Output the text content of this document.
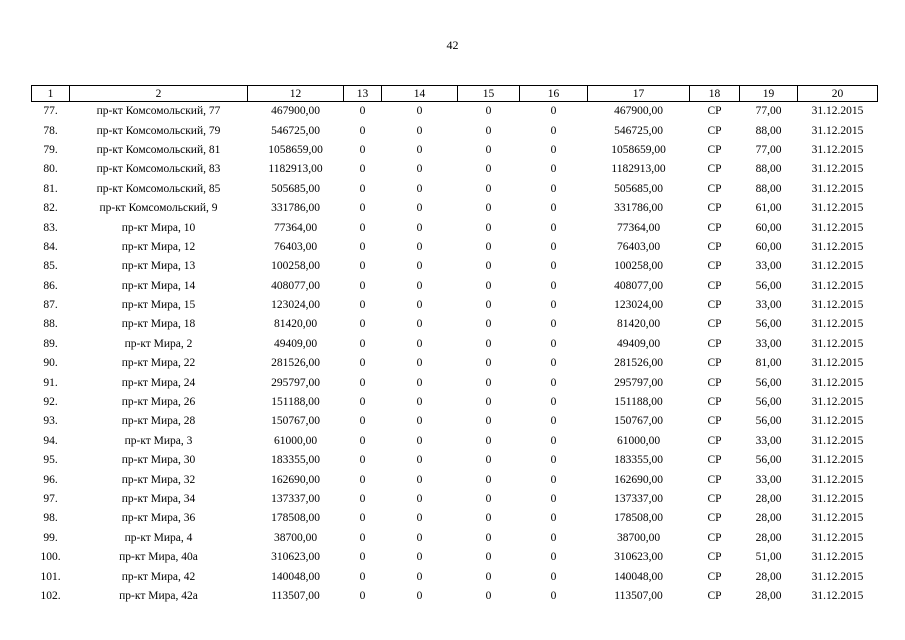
42
1	2	12	13	14	15	16	17	18	19	20
77.	пр-кт Комсомольский, 77	467900,00	0	0	0	0	467900,00	СР	77,00	31.12.2015
78.	пр-кт Комсомольский, 79	546725,00	0	0	0	0	546725,00	СР	88,00	31.12.2015
79.	пр-кт Комсомольский, 81	1058659,00	0	0	0	0	1058659,00	СР	77,00	31.12.2015
80.	пр-кт Комсомольский, 83	1182913,00	0	0	0	0	1182913,00	СР	88,00	31.12.2015
81.	пр-кт Комсомольский, 85	505685,00	0	0	0	0	505685,00	СР	88,00	31.12.2015
82.	пр-кт Комсомольский, 9	331786,00	0	0	0	0	331786,00	СР	61,00	31.12.2015
83.	пр-кт Мира, 10	77364,00	0	0	0	0	77364,00	СР	60,00	31.12.2015
84.	пр-кт Мира, 12	76403,00	0	0	0	0	76403,00	СР	60,00	31.12.2015
85.	пр-кт Мира, 13	100258,00	0	0	0	0	100258,00	СР	33,00	31.12.2015
86.	пр-кт Мира, 14	408077,00	0	0	0	0	408077,00	СР	56,00	31.12.2015
87.	пр-кт Мира, 15	123024,00	0	0	0	0	123024,00	СР	33,00	31.12.2015
88.	пр-кт Мира, 18	81420,00	0	0	0	0	81420,00	СР	56,00	31.12.2015
89.	пр-кт Мира, 2	49409,00	0	0	0	0	49409,00	СР	33,00	31.12.2015
90.	пр-кт Мира, 22	281526,00	0	0	0	0	281526,00	СР	81,00	31.12.2015
91.	пр-кт Мира, 24	295797,00	0	0	0	0	295797,00	СР	56,00	31.12.2015
92.	пр-кт Мира, 26	151188,00	0	0	0	0	151188,00	СР	56,00	31.12.2015
93.	пр-кт Мира, 28	150767,00	0	0	0	0	150767,00	СР	56,00	31.12.2015
94.	пр-кт Мира, 3	61000,00	0	0	0	0	61000,00	СР	33,00	31.12.2015
95.	пр-кт Мира, 30	183355,00	0	0	0	0	183355,00	СР	56,00	31.12.2015
96.	пр-кт Мира, 32	162690,00	0	0	0	0	162690,00	СР	33,00	31.12.2015
97.	пр-кт Мира, 34	137337,00	0	0	0	0	137337,00	СР	28,00	31.12.2015
98.	пр-кт Мира, 36	178508,00	0	0	0	0	178508,00	СР	28,00	31.12.2015
99.	пр-кт Мира, 4	38700,00	0	0	0	0	38700,00	СР	28,00	31.12.2015
100.	пр-кт Мира, 40а	310623,00	0	0	0	0	310623,00	СР	51,00	31.12.2015
101.	пр-кт Мира, 42	140048,00	0	0	0	0	140048,00	СР	28,00	31.12.2015
102.	пр-кт Мира, 42а	113507,00	0	0	0	0	113507,00	СР	28,00	31.12.2015
